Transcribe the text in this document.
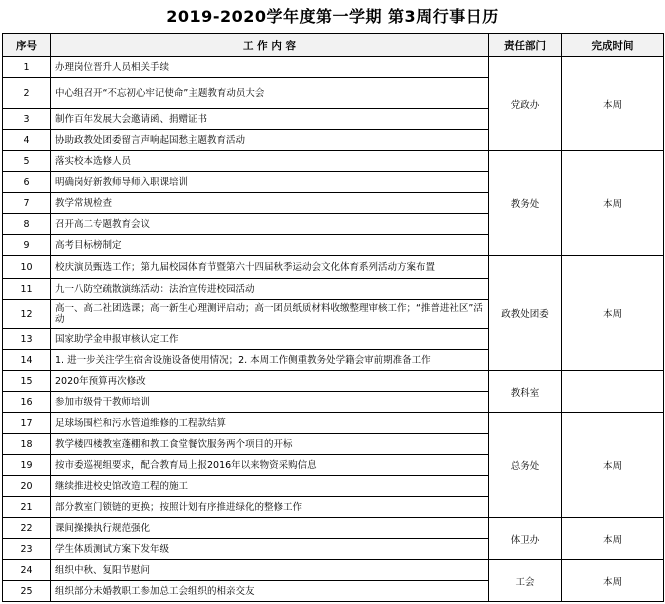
2019-2020学年度第一学期 第3周行事日历
序号	工 作 内 容	责任部门	完成时间
1	办理岗位晋升人员相关手续	党政办	本周
2	中心组召开“不忘初心牢记使命”主题教育动员大会		
3	制作百年发展大会邀请函、捐赠证书		
4	协助政教处团委留言声响起国愁主题教育活动		
5	落实校本选修人员	教务处	本周
6	明确岗好新教师导师入职课培训		
7	教学常规检查		
8	召开高二专题教育会议		
9	高考目标榜制定		
10	校庆演员甄选工作；第九届校园体育节暨第六十四届秋季运动会文化体育系列活动方案布置	政教处团委	本周
11	九一八防空疏散演练活动：法治宣传进校园活动		
12	高一、高二社团选课；高一新生心理测评启动；高一团员纸质材料收缴整理审核工作；“推普进社区”活动		
13	国家助学金申报审核认定工作		
14	1. 进一步关注学生宿舍设施设备使用情况；2. 本周工作侧重教务处学籍会审前期准备工作		
15	2020年预算再次修改	教科室	
16	参加市级骨干教师培训		
17	足球场围栏和污水管道维修的工程款结算	总务处	本周
18	教学楼四楼教室蓬棚和教工食堂餐饮服务两个项目的开标		
19	按市委巡视组要求，配合教育局上报2016年以来物资采购信息		
20	继续推进校史馆改造工程的施工		
21	部分教室门锁链的更换；按照计划有序推进绿化的整修工作		
22	课间操操执行规范强化	体卫办	本周
23	学生体质测试方案下发年级		
24	组织中秋、复阳节慰问	工会	本周
25	组织部分未婚教职工参加总工会组织的相亲交友		
